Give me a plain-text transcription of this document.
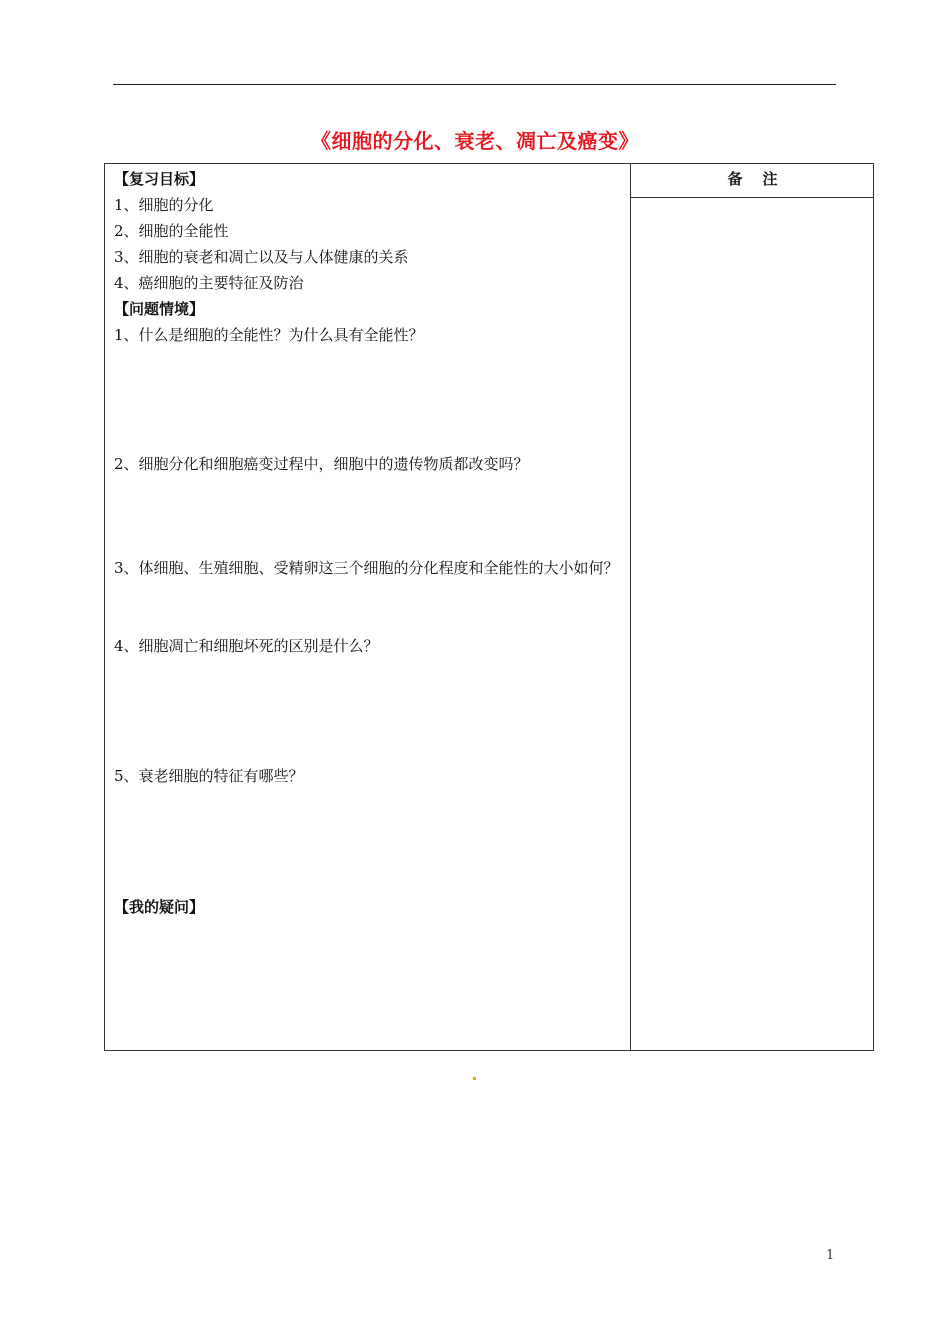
《细胞的分化、衰老、凋亡及癌变》
备注
【复习目标】
1、细胞的分化
2、细胞的全能性
3、细胞的衰老和凋亡以及与人体健康的关系
4、癌细胞的主要特征及防治
【问题情境】
1、什么是细胞的全能性？为什么具有全能性？
2、细胞分化和细胞癌变过程中，细胞中的遗传物质都改变吗？
3、体细胞、生殖细胞、受精卵这三个细胞的分化程度和全能性的大小如何？
4、细胞凋亡和细胞坏死的区别是什么？
5、衰老细胞的特征有哪些？
【我的疑问】
1
